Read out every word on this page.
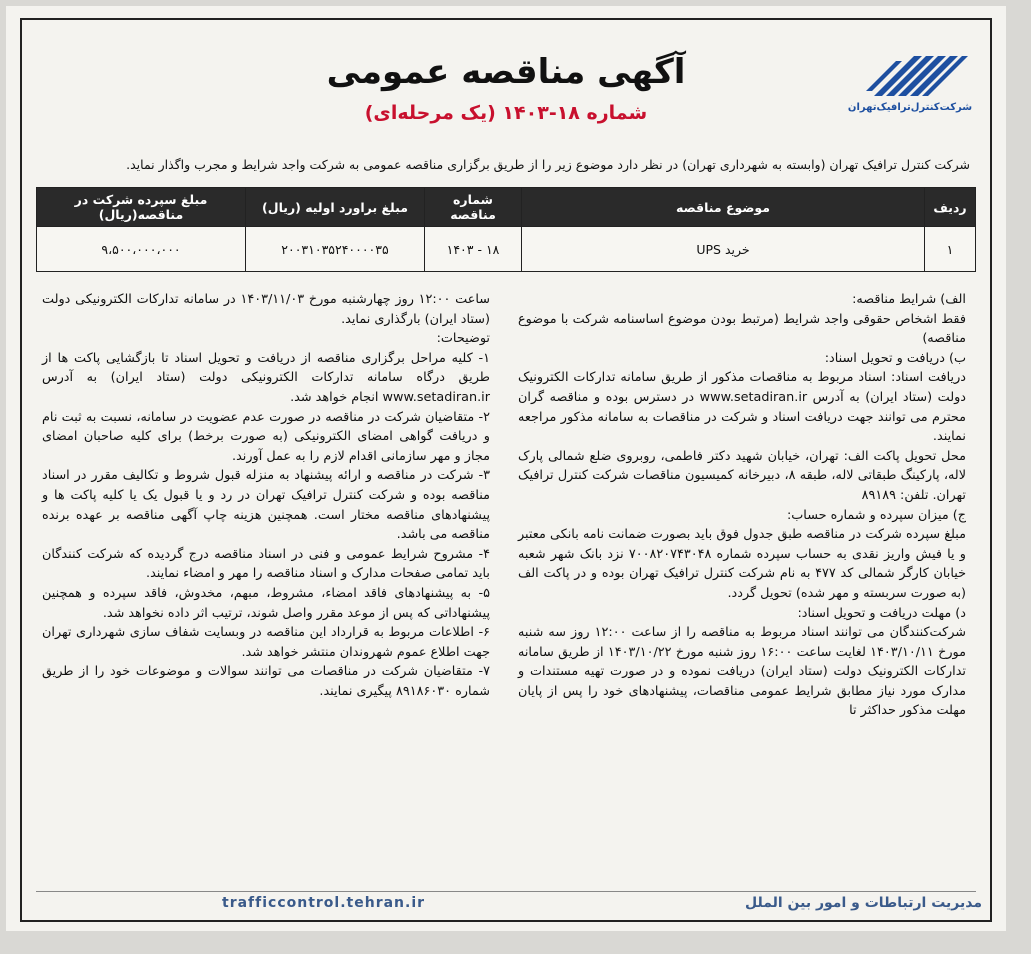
شرکت‌کنترل‌ترافیک‌تهران
آگهی مناقصه عمومی
شماره ۱۸-۱۴۰۳ (یک مرحله‌ای)
شرکت کنترل ترافیک تهران (وابسته به شهرداری تهران) در نظر دارد موضوع زیر را از طریق برگزاری مناقصه عمومی به شرکت واجد شرایط و مجرب واگذار نماید.
ردیف	موضوع مناقصه	شماره مناقصه	مبلغ براورد اولیه (ریال)	مبلغ سپرده شرکت در مناقصه(ریال)
۱	خرید UPS	۱۸ - ۱۴۰۳	۲۰۰۳۱۰۳۵۲۴۰۰۰۰۳۵	۹،۵۰۰،۰۰۰،۰۰۰

الف) شرایط مناقصه:

فقط اشخاص حقوقی واجد شرایط (مرتبط بودن موضوع اساسنامه شرکت با موضوع مناقصه)

ب) دریافت و تحویل اسناد:

دریافت اسناد: اسناد مربوط به مناقصات مذکور از طریق سامانه تدارکات الکترونیک دولت (ستاد ایران) به آدرس www.setadiran.ir در دسترس بوده و مناقصه گران محترم می توانند جهت دریافت اسناد و شرکت در مناقصات به سامانه مذکور مراجعه نمایند.

محل تحویل پاکت الف: تهران، خیابان شهید دکتر فاطمی، روبروی ضلع شمالی پارک لاله، پارکینگ طبقاتی لاله، طبقه ۸، دبیرخانه کمیسیون مناقصات شرکت کنترل ترافیک تهران. تلفن: ۸۹۱۸۹

ج) میزان سپرده و شماره حساب:

مبلغ سپرده شرکت در مناقصه طبق جدول فوق باید بصورت ضمانت نامه بانکی معتبر و یا فیش واریز نقدی به حساب سپرده شماره ۷۰۰۸۲۰۷۴۳۰۴۸ نزد بانک شهر شعبه خیابان کارگر شمالی کد ۴۷۷ به نام شرکت کنترل ترافیک تهران بوده و در پاکت الف (به صورت سربسته و مهر شده) تحویل گردد.

د) مهلت دریافت و تحویل اسناد:

شرکت‌کنندگان می توانند اسناد مربوط به مناقصه را از ساعت ۱۲:۰۰ روز سه شنبه مورخ ۱۴۰۳/۱۰/۱۱ لغایت ساعت ۱۶:۰۰ روز شنبه مورخ ۱۴۰۳/۱۰/۲۲ از طریق سامانه تدارکات الکترونیک دولت (ستاد ایران) دریافت نموده و در صورت تهیه مستندات و مدارک مورد نیاز مطابق شرایط عمومی مناقصات، پیشنهادهای خود را پس از پایان مهلت مذکور حداکثر تا

ساعت ۱۲:۰۰ روز چهارشنبه مورخ ۱۴۰۳/۱۱/۰۳ در سامانه تدارکات الکترونیکی دولت (ستاد ایران) بارگذاری نماید.

توضیحات:

۱- کلیه مراحل برگزاری مناقصه از دریافت و تحویل اسناد تا بازگشایی پاکت ها از طریق درگاه سامانه تدارکات الکترونیکی دولت (ستاد ایران) به آدرس www.setadiran.ir انجام خواهد شد.

۲- متقاضیان شرکت در مناقصه در صورت عدم عضویت در سامانه، نسبت به ثبت نام و دریافت گواهی امضای الکترونیکی (به صورت برخط) برای کلیه صاحبان امضای مجاز و مهر سازمانی اقدام لازم را به عمل آورند.

۳- شرکت در مناقصه و ارائه پیشنهاد به منزله قبول شروط و تکالیف مقرر در اسناد مناقصه بوده و شرکت کنترل ترافیک تهران در رد و یا قبول یک یا کلیه پاکت ها و پیشنهادهای مناقصه مختار است. همچنین هزینه چاپ آگهی مناقصه بر عهده برنده مناقصه می باشد.

۴- مشروح شرایط عمومی و فنی در اسناد مناقصه درج گردیده که شرکت کنندگان باید تمامی صفحات مدارک و اسناد مناقصه را مهر و امضاء نمایند.

۵- به پیشنهادهای فاقد امضاء، مشروط، مبهم، مخدوش، فاقد سپرده و همچنین پیشنهاداتی که پس از موعد مقرر واصل شوند، ترتیب اثر داده نخواهد شد.

۶- اطلاعات مربوط به قرارداد این مناقصه در وبسایت شفاف سازی شهرداری تهران جهت اطلاع عموم شهروندان منتشر خواهد شد.

۷- متقاضیان شرکت در مناقصات می توانند سوالات و موضوعات خود را از طریق شماره ۸۹۱۸۶۰۳۰ پیگیری نمایند.

trafficcontrol.tehran.ir	مدیریت ارتباطات و امور بین الملل
